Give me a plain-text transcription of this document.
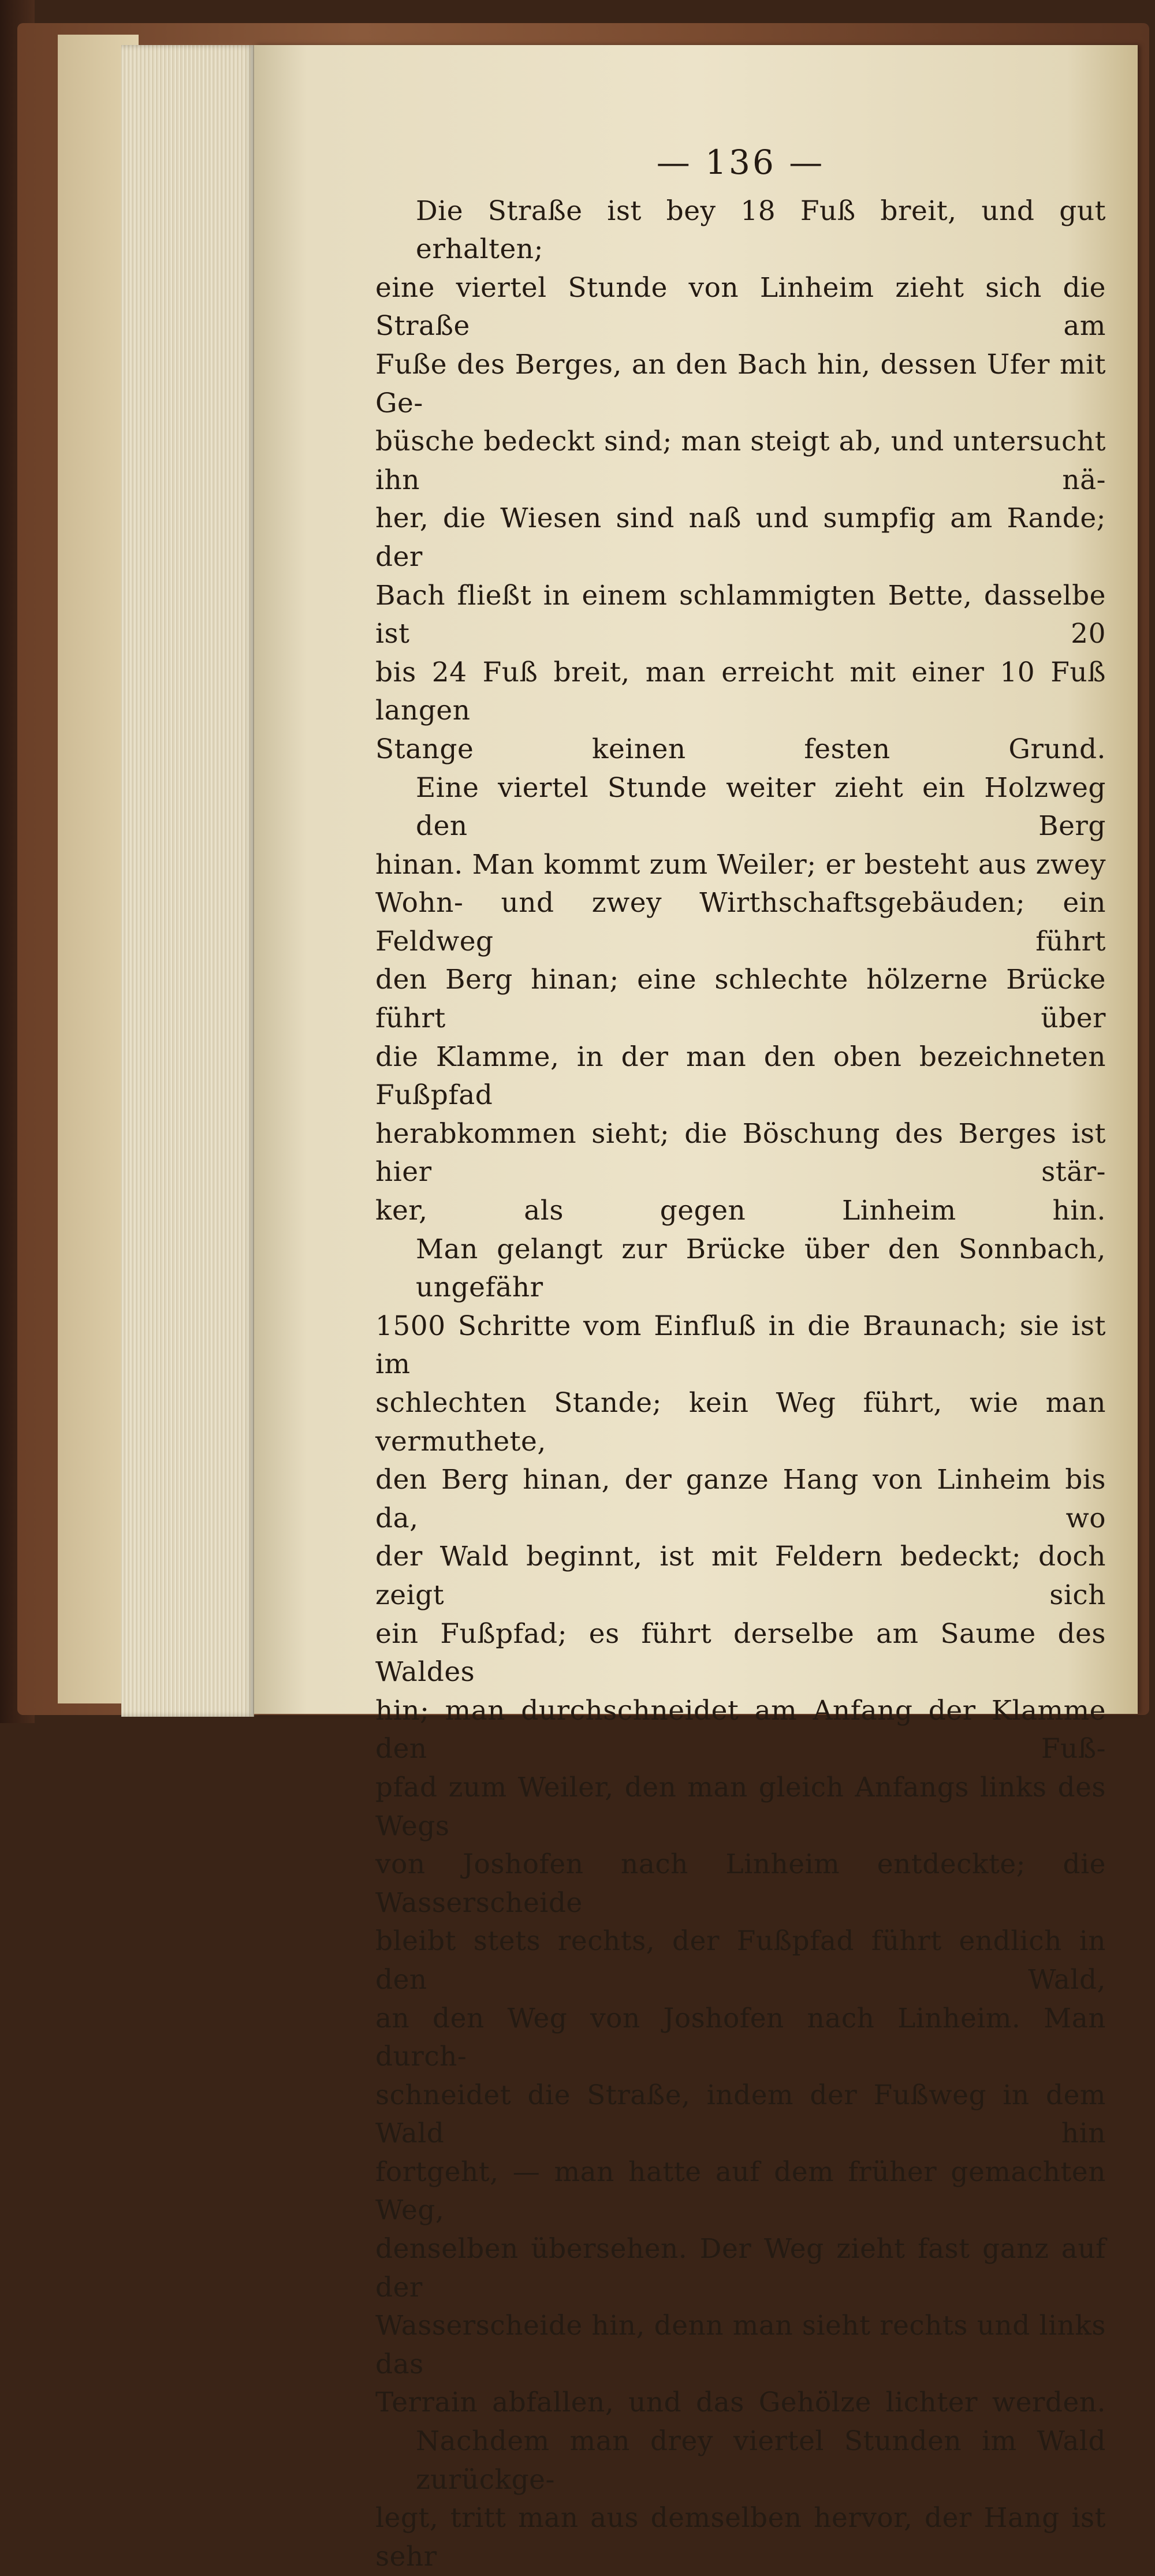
— 136 —

Die Straße ist bey 18 Fuß breit, und gut erhalten;
eine viertel Stunde von Linheim zieht sich die Straße am
Fuße des Berges, an den Bach hin, dessen Ufer mit Ge-
büsche bedeckt sind; man steigt ab, und untersucht ihn nä-
her, die Wiesen sind naß und sumpfig am Rande; der
Bach fließt in einem schlammigten Bette, dasselbe ist 20
bis 24 Fuß breit, man erreicht mit einer 10 Fuß langen
Stange keinen festen Grund.

Eine viertel Stunde weiter zieht ein Holzweg den Berg
hinan. Man kommt zum Weiler; er besteht aus zwey
Wohn- und zwey Wirthschaftsgebäuden; ein Feldweg führt
den Berg hinan; eine schlechte hölzerne Brücke führt über
die Klamme, in der man den oben bezeichneten Fußpfad
herabkommen sieht; die Böschung des Berges ist hier stär-
ker, als gegen Linheim hin.

Man gelangt zur Brücke über den Sonnbach, ungefähr
1500 Schritte vom Einfluß in die Braunach; sie ist im
schlechten Stande; kein Weg führt, wie man vermuthete,
den Berg hinan, der ganze Hang von Linheim bis da, wo
der Wald beginnt, ist mit Feldern bedeckt; doch zeigt sich
ein Fußpfad; es führt derselbe am Saume des Waldes
hin; man durchschneidet am Anfang der Klamme den Fuß-
pfad zum Weiler, den man gleich Anfangs links des Wegs
von Joshofen nach Linheim entdeckte; die Wasserscheide
bleibt stets rechts, der Fußpfad führt endlich in den Wald,
an den Weg von Joshofen nach Linheim. Man durch-
schneidet die Straße, indem der Fußweg in dem Wald hin
fortgeht, — man hatte auf dem früher gemachten Weg,
denselben übersehen. Der Weg zieht fast ganz auf der
Wasserscheide hin, denn man sieht rechts und links das
Terrain abfallen, und das Gehölze lichter werden.

Nachdem man drey viertel Stunden im Wald zurückge-
legt, tritt man aus demselben hervor, der Hang ist sehr
